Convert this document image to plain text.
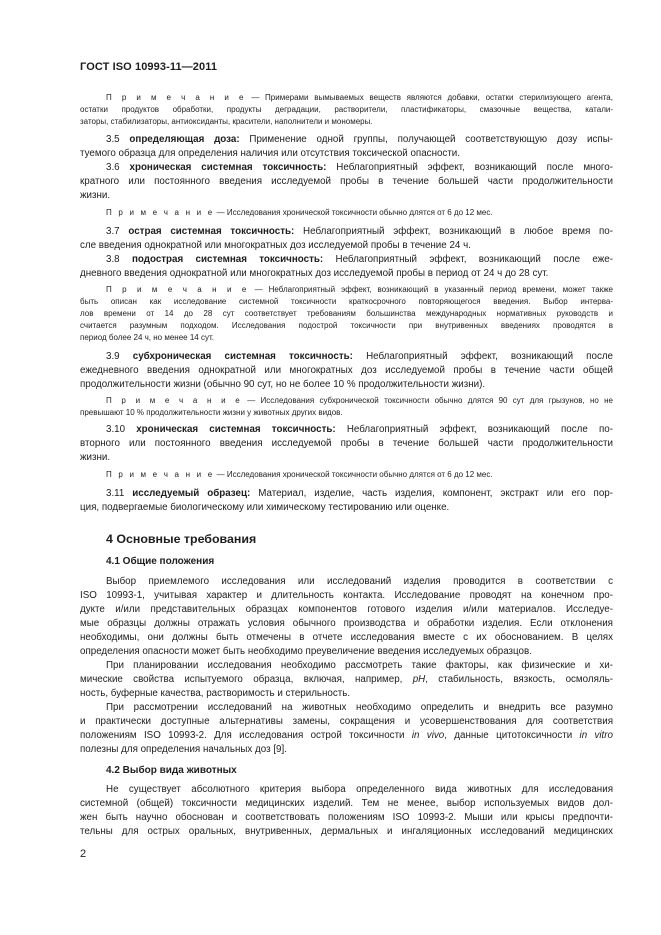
ГОСТ ISO 10993-11—2011
П р и м е ч а н и е — Примерами вымываемых веществ являются добавки, остатки стерилизующего агента,
остатки продуктов обработки, продукты деградации, растворители, пластификаторы, смазочные вещества, катали-
заторы, стабилизаторы, антиоксиданты, красители, наполнители и мономеры.
3.5 определяющая доза: Применение одной группы, получающей соответствующую дозу испы-
туемого образца для определения наличия или отсутствия токсической опасности.
3.6 хроническая системная токсичность: Неблагоприятный эффект, возникающий после много-
кратного или постоянного введения исследуемой пробы в течение большей части продолжительности
жизни.
П р и м е ч а н и е — Исследования хронической токсичности обычно длятся от 6 до 12 мес.
3.7 острая системная токсичность: Неблагоприятный эффект, возникающий в любое время по-
сле введения однократной или многократных доз исследуемой пробы в течение 24 ч.
3.8 подострая системная токсичность: Неблагоприятный эффект, возникающий после еже-
дневного введения однократной или многократных доз исследуемой пробы в период от 24 ч до 28 сут.
П р и м е ч а н и е — Неблагоприятный эффект, возникающий в указанный период времени, может также
быть описан как исследование системной токсичности краткосрочного повторяющегося введения. Выбор интерва-
лов времени от 14 до 28 сут соответствует требованиям большинства международных нормативных руководств и
считается разумным подходом. Исследования подострой токсичности при внутривенных введениях проводятся в
период более 24 ч, но менее 14 сут.
3.9 субхроническая системная токсичность: Неблагоприятный эффект, возникающий после
ежедневного введения однократной или многократных доз исследуемой пробы в течение части общей
продолжительности жизни (обычно 90 сут, но не более 10 % продолжительности жизни).
П р и м е ч а н и е — Исследования субхронической токсичности обычно длятся 90 сут для грызунов, но не
превышают 10 % продолжительности жизни у животных других видов.
3.10 хроническая системная токсичность: Неблагоприятный эффект, возникающий после по-
вторного или постоянного введения исследуемой пробы в течение большей части продолжительности
жизни.
П р и м е ч а н и е — Исследования хронической токсичности обычно длятся от 6 до 12 мес.
3.11 исследуемый образец: Материал, изделие, часть изделия, компонент, экстракт или его пор-
ция, подвергаемые биологическому или химическому тестированию или оценке.
4 Основные требования
4.1 Общие положения
Выбор приемлемого исследования или исследований изделия проводится в соответствии с
ISO 10993-1, учитывая характер и длительность контакта. Исследование проводят на конечном про-
дукте и/или представительных образцах компонентов готового изделия и/или материалов. Исследуе-
мые образцы должны отражать условия обычного производства и обработки изделия. Если отклонения
необходимы, они должны быть отмечены в отчете исследования вместе с их обоснованием. В целях
определения опасности может быть необходимо преувеличение введения исследуемых образцов.
При планировании исследования необходимо рассмотреть такие факторы, как физические и хи-
мические свойства испытуемого образца, включая, например, pH, стабильность, вязкость, осмоляль-
ность, буферные качества, растворимость и стерильность.
При рассмотрении исследований на животных необходимо определить и внедрить все разумно
и практически доступные альтернативы замены, сокращения и усовершенствования для соответствия
положениям ISO 10993-2. Для исследования острой токсичности in vivo, данные цитотоксичности in vitro
полезны для определения начальных доз [9].
4.2 Выбор вида животных
Не существует абсолютного критерия выбора определенного вида животных для исследования
системной (общей) токсичности медицинских изделий. Тем не менее, выбор используемых видов дол-
жен быть научно обоснован и соответствовать положениям ISO 10993-2. Мыши или крысы предпочти-
тельны для острых оральных, внутривенных, дермальных и ингаляционных исследований медицинских
2
